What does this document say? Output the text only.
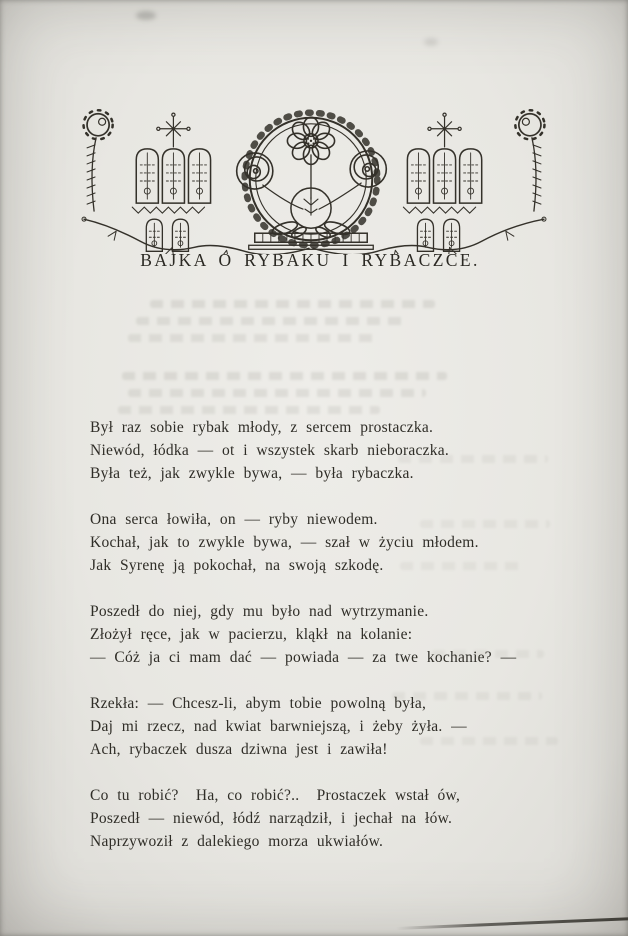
BAJKA O RYBAKU I RYBACZCE.

Był raz sobie rybak młody, z sercem prostaczka.

Niewód, łódka — ot i wszystek skarb nieboraczka.

Była też, jak zwykle bywa, — była rybaczka.

Ona serca łowiła, on — ryby niewodem.

Kochał, jak to zwykle bywa, — szał w życiu młodem.

Jak Syrenę ją pokochał, na swoją szkodę.

Poszedł do niej, gdy mu było nad wytrzymanie.

Złożył ręce, jak w pacierzu, kląkł na kolanie:

— Cóż ja ci mam dać — powiada — za twe kochanie? —

Rzekła: — Chcesz-li, abym tobie powolną była,

Daj mi rzecz, nad kwiat barwniejszą, i żeby żyła. —

Ach, rybaczek dusza dziwna jest i zawiła!

Co tu robić?  Ha, co robić?..  Prostaczek wstał ów,

Poszedł — niewód, łódź narządził, i jechał na łów.

Naprzywoził z dalekiego morza ukwiałów.
